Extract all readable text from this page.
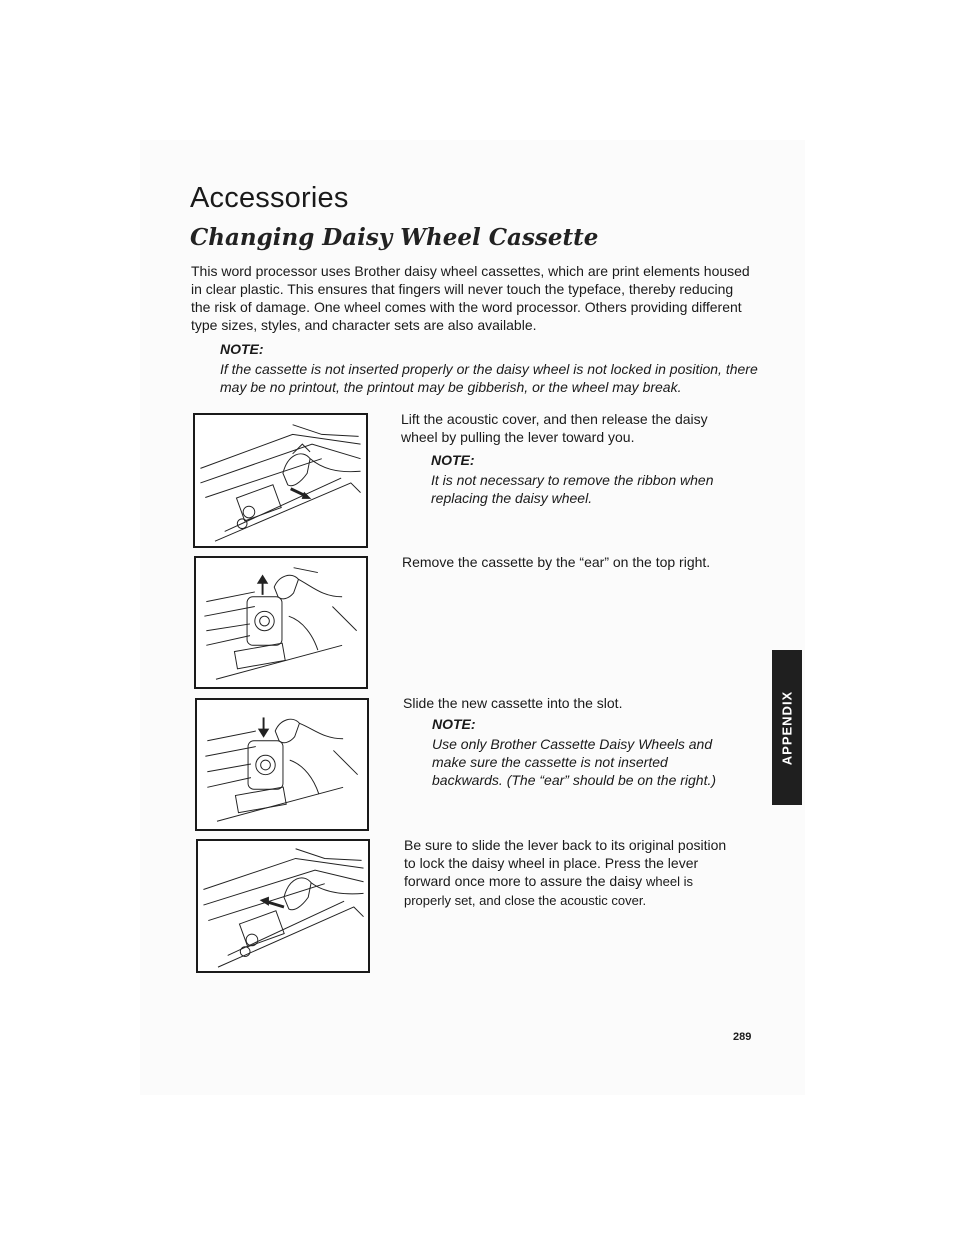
Accessories
Changing Daisy Wheel Cassette

This word processor uses Brother daisy wheel cassettes, which are print elements housed in clear plastic. This ensures that fingers will never touch the typeface, thereby reducing the risk of damage. One wheel comes with the word processor. Others providing different type sizes, styles, and character sets are also available.

NOTE:

If the cassette is not inserted properly or the daisy wheel is not locked in position, there may be no printout, the printout may be gibberish, or the wheel may break.

Lift the acoustic cover, and then release the daisy wheel by pulling the lever toward you.

NOTE:

It is not necessary to remove the ribbon when replacing the daisy wheel.

Remove the cassette by the “ear” on the top right.

Slide the new cassette into the slot.

NOTE:

Use only Brother Cassette Daisy Wheels and make sure the cassette is not inserted backwards. (The “ear” should be on the right.)

Be sure to slide the lever back to its original position to lock the daisy wheel in place. Press the lever forward once more to assure the daisy wheel is properly set, and close the acoustic cover.

APPENDIX

289
